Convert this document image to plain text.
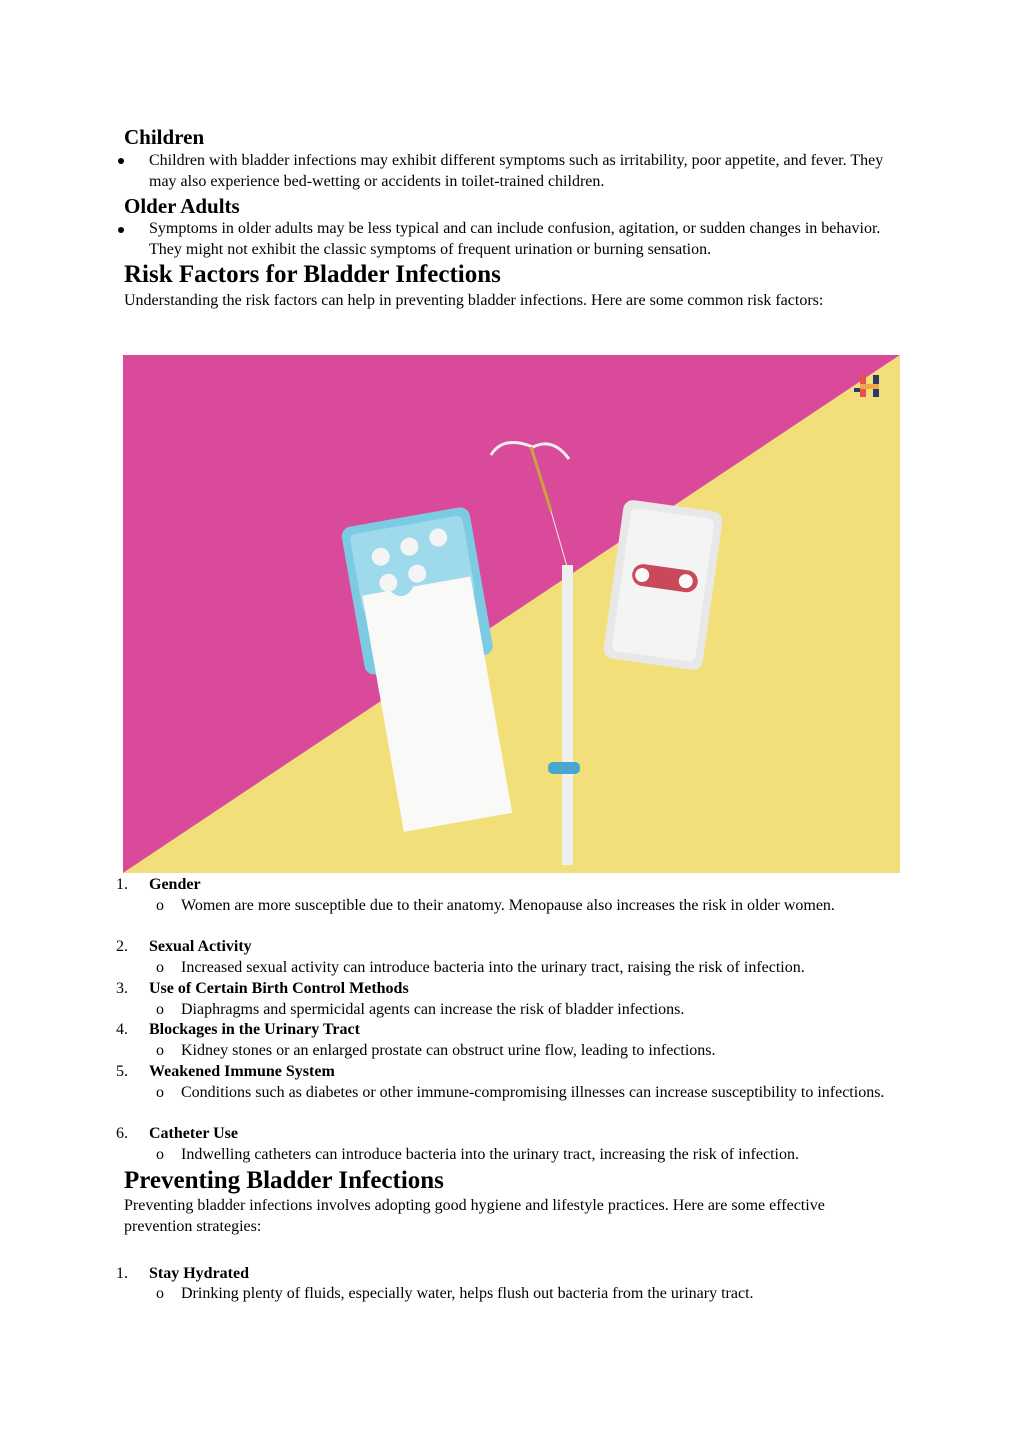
Children
Children with bladder infections may exhibit different symptoms such as irritability, poor appetite, and fever. They may also experience bed-wetting or accidents in toilet-trained children.
Older Adults
Symptoms in older adults may be less typical and can include confusion, agitation, or sudden changes in behavior. They might not exhibit the classic symptoms of frequent urination or burning sensation.
Risk Factors for Bladder Infections
Understanding the risk factors can help in preventing bladder infections. Here are some common risk factors:
1. Gender
o Women are more susceptible due to their anatomy. Menopause also increases the risk in older women.
2. Sexual Activity
o Increased sexual activity can introduce bacteria into the urinary tract, raising the risk of infection.
3. Use of Certain Birth Control Methods
o Diaphragms and spermicidal agents can increase the risk of bladder infections.
4. Blockages in the Urinary Tract
o Kidney stones or an enlarged prostate can obstruct urine flow, leading to infections.
5. Weakened Immune System
o Conditions such as diabetes or other immune-compromising illnesses can increase susceptibility to infections.
6. Catheter Use
o Indwelling catheters can introduce bacteria into the urinary tract, increasing the risk of infection.
Preventing Bladder Infections
Preventing bladder infections involves adopting good hygiene and lifestyle practices. Here are some effective prevention strategies:
1. Stay Hydrated
o Drinking plenty of fluids, especially water, helps flush out bacteria from the urinary tract.
